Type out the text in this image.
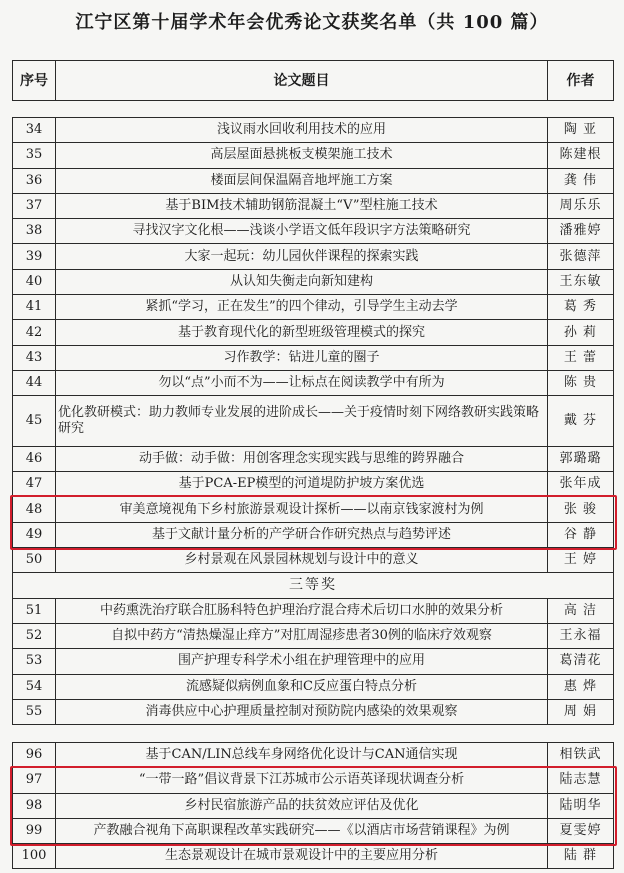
江宁区第十届学术年会优秀论文获奖名单（共 100 篇）
序号	论文题目	作者
34	浅议雨水回收利用技术的应用	陶 亚
35	高层屋面悬挑板支模架施工技术	陈建根
36	楼面层间保温隔音地坪施工方案	龚 伟
37	基于BIM技术辅助钢筋混凝土“V”型柱施工技术	周乐乐
38	寻找汉字文化根——浅谈小学语文低年段识字方法策略研究	潘雅婷
39	大家一起玩：幼儿园伙伴课程的探索实践	张德萍
40	从认知失衡走向新知建构	王东敏
41	紧抓“学习，正在发生”的四个律动，引导学生主动去学	葛 秀
42	基于教育现代化的新型班级管理模式的探究	孙 莉
43	习作教学：钻进儿童的圈子	王 蕾
44	勿以“点”小而不为——让标点在阅读教学中有所为	陈 贵
45	优化教研模式：助力教师专业发展的进阶成长——关于疫情时刻下网络教研实践策略研究	戴 芬
46	动手做：动手做：用创客理念实现实践与思维的跨界融合	郭璐璐
47	基于PCA-EP模型的河道堤防护坡方案优选	张年成
48	审美意境视角下乡村旅游景观设计探析——以南京钱家渡村为例	张 骏
49	基于文献计量分析的产学研合作研究热点与趋势评述	谷 静
50	乡村景观在风景园林规划与设计中的意义	王 婷
三等奖		
51	中药熏洗治疗联合肛肠科特色护理治疗混合痔术后切口水肿的效果分析	高 洁
52	自拟中药方“清热燥湿止痒方”对肛周湿疹患者30例的临床疗效观察	王永福
53	围产护理专科学术小组在护理管理中的应用	葛清花
54	流感疑似病例血象和C反应蛋白特点分析	惠 烨
55	消毒供应中心护理质量控制对预防院内感染的效果观察	周 娟
96	基于CAN/LIN总线车身网络优化设计与CAN通信实现	相铁武
97	“一带一路”倡议背景下江苏城市公示语英译现状调查分析	陆志慧
98	乡村民宿旅游产品的扶贫效应评估及优化	陆明华
99	产教融合视角下高职课程改革实践研究——《以酒店市场营销课程》为例	夏雯婷
100	生态景观设计在城市景观设计中的主要应用分析	陆 群
